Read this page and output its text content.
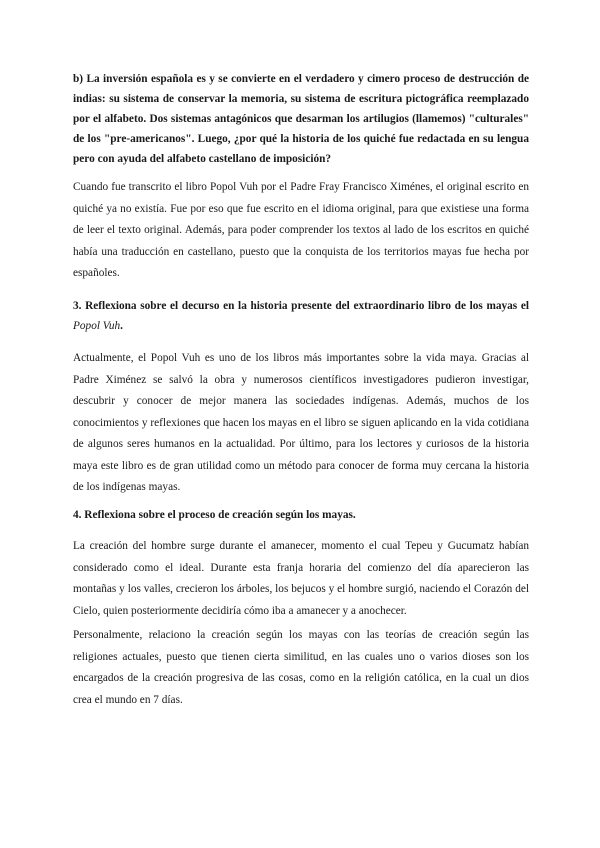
b) La inversión española es y se convierte en el verdadero y cimero proceso de destrucción de indias: su sistema de conservar la memoria, su sistema de escritura pictográfica reemplazado por el alfabeto. Dos sistemas antagónicos que desarman los artilugios (llamemos) "culturales" de los "pre-americanos". Luego, ¿por qué la historia de los quiché fue redactada en su lengua pero con ayuda del alfabeto castellano de imposición?

Cuando fue transcrito el libro Popol Vuh por el Padre Fray Francisco Ximénes, el original escrito en quiché ya no existía. Fue por eso que fue escrito en el idioma original, para que existiese una forma de leer el texto original. Además, para poder comprender los textos al lado de los escritos en quiché había una traducción en castellano, puesto que la conquista de los territorios mayas fue hecha por españoles.

3. Reflexiona sobre el decurso en la historia presente del extraordinario libro de los mayas el Popol Vuh.

Actualmente, el Popol Vuh es uno de los libros más importantes sobre la vida maya. Gracias al Padre Ximénez se salvó la obra y numerosos científicos investigadores pudieron investigar, descubrir y conocer de mejor manera las sociedades indígenas. Además, muchos de los conocimientos y reflexiones que hacen los mayas en el libro se siguen aplicando en la vida cotidiana de algunos seres humanos en la actualidad. Por último, para los lectores y curiosos de la historia maya este libro es de gran utilidad como un método para conocer de forma muy cercana la historia de los indígenas mayas.

4. Reflexiona sobre el proceso de creación según los mayas.

La creación del hombre surge durante el amanecer, momento el cual Tepeu y Gucumatz habían considerado como el ideal. Durante esta franja horaria del comienzo del día aparecieron las montañas y los valles, crecieron los árboles, los bejucos y el hombre surgió, naciendo el Corazón del Cielo, quien posteriormente decidiría cómo iba a amanecer y a anochecer.

Personalmente, relaciono la creación según los mayas con las teorías de creación según las religiones actuales, puesto que tienen cierta similitud, en las cuales uno o varios dioses son los encargados de la creación progresiva de las cosas, como en la religión católica, en la cual un dios crea el mundo en 7 días.
